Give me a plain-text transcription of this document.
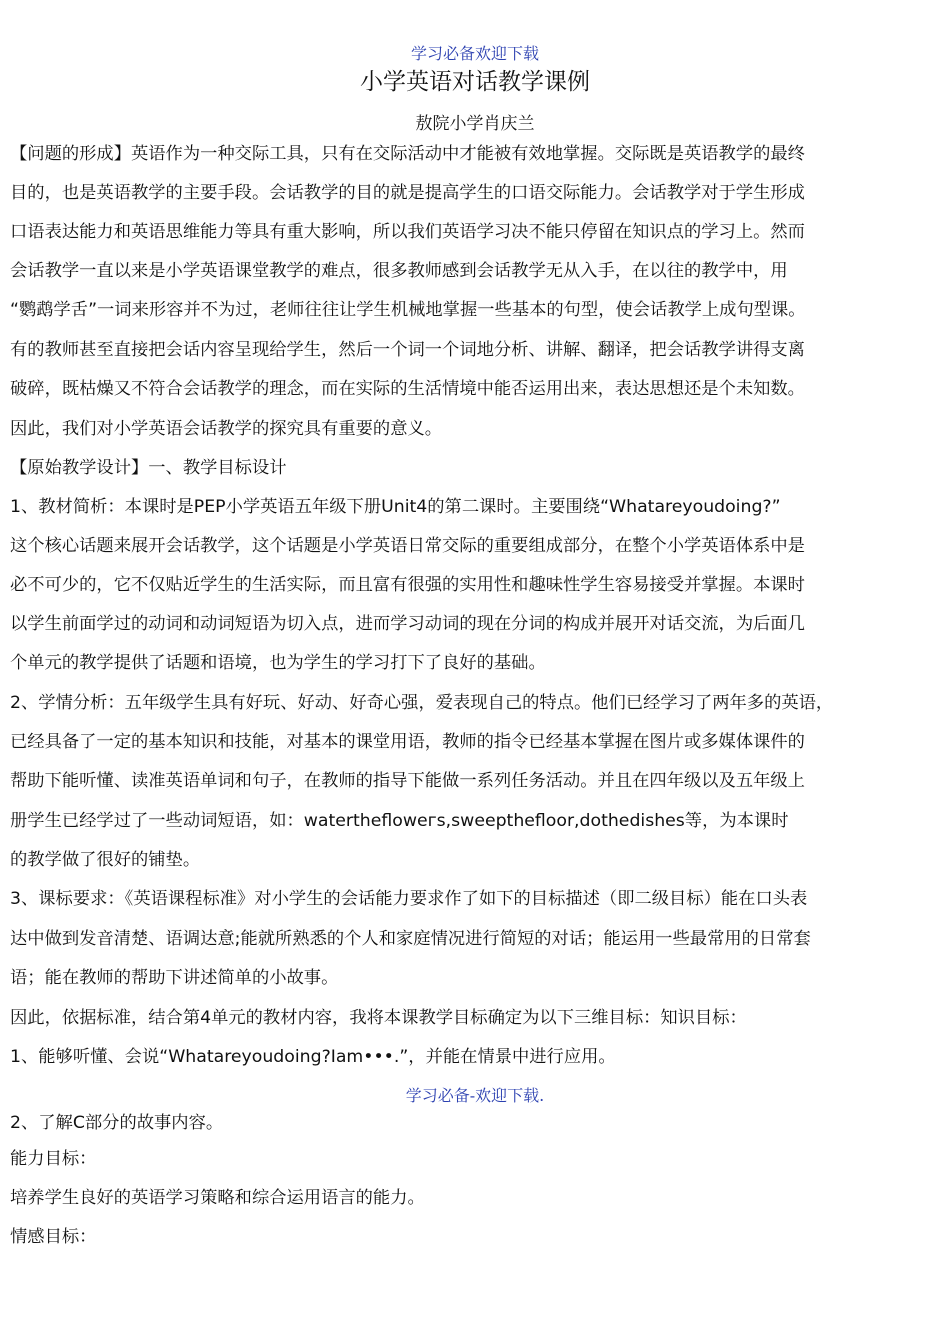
学习必备欢迎下载
小学英语对话教学课例
敖院小学肖庆兰
【问题的形成】英语作为一种交际工具，只有在交际活动中才能被有效地掌握。交际既是英语教学的最终
目的，也是英语教学的主要手段。会话教学的目的就是提高学生的口语交际能力。会话教学对于学生形成
口语表达能力和英语思维能力等具有重大影响，所以我们英语学习决不能只停留在知识点的学习上。然而
会话教学一直以来是小学英语课堂教学的难点，很多教师感到会话教学无从入手，在以往的教学中，用
“鹦鹉学舌”一词来形容并不为过，老师往往让学生机械地掌握一些基本的句型，使会话教学上成句型课。
有的教师甚至直接把会话内容呈现给学生，然后一个词一个词地分析、讲解、翻译，把会话教学讲得支离
破碎，既枯燥又不符合会话教学的理念，而在实际的生活情境中能否运用出来，表达思想还是个未知数。
因此，我们对小学英语会话教学的探究具有重要的意义。
【原始教学设计】一、教学目标设计
1、教材简析：本课时是PEP小学英语五年级下册Unit4的第二课时。主要围绕“Whatareyoudoing?”
这个核心话题来展开会话教学，这个话题是小学英语日常交际的重要组成部分，在整个小学英语体系中是
必不可少的，它不仅贴近学生的生活实际，而且富有很强的实用性和趣味性学生容易接受并掌握。本课时
以学生前面学过的动词和动词短语为切入点，进而学习动词的现在分词的构成并展开对话交流，为后面几
个单元的教学提供了话题和语境，也为学生的学习打下了良好的基础。
2、学情分析：五年级学生具有好玩、好动、好奇心强，爱表现自己的特点。他们已经学习了两年多的英语，
已经具备了一定的基本知识和技能，对基本的课堂用语，教师的指令已经基本掌握在图片或多媒体课件的
帮助下能听懂、读准英语单词和句子，在教师的指导下能做一系列任务活动。并且在四年级以及五年级上
册学生已经学过了一些动词短语，如：waterthefloweгs,sweepthefloor,dothedishes等，为本课时
的教学做了很好的铺垫。
3、课标要求：《英语课程标准》对小学生的会话能力要求作了如下的目标描述（即二级目标）能在口头表
达中做到发音清楚、语调达意;能就所熟悉的个人和家庭情况进行简短的对话；能运用一些最常用的日常套
语；能在教师的帮助下讲述简单的小故事。
因此，依据标准，结合第4单元的教材内容，我将本课教学目标确定为以下三维目标：知识目标：
1、能够听懂、会说“Whatareyoudoing?Iam•••.”，并能在情景中进行应用。
学习必备-欢迎下载.
2、了解C部分的故事内容。
能力目标：
培养学生良好的英语学习策略和综合运用语言的能力。
情感目标：
